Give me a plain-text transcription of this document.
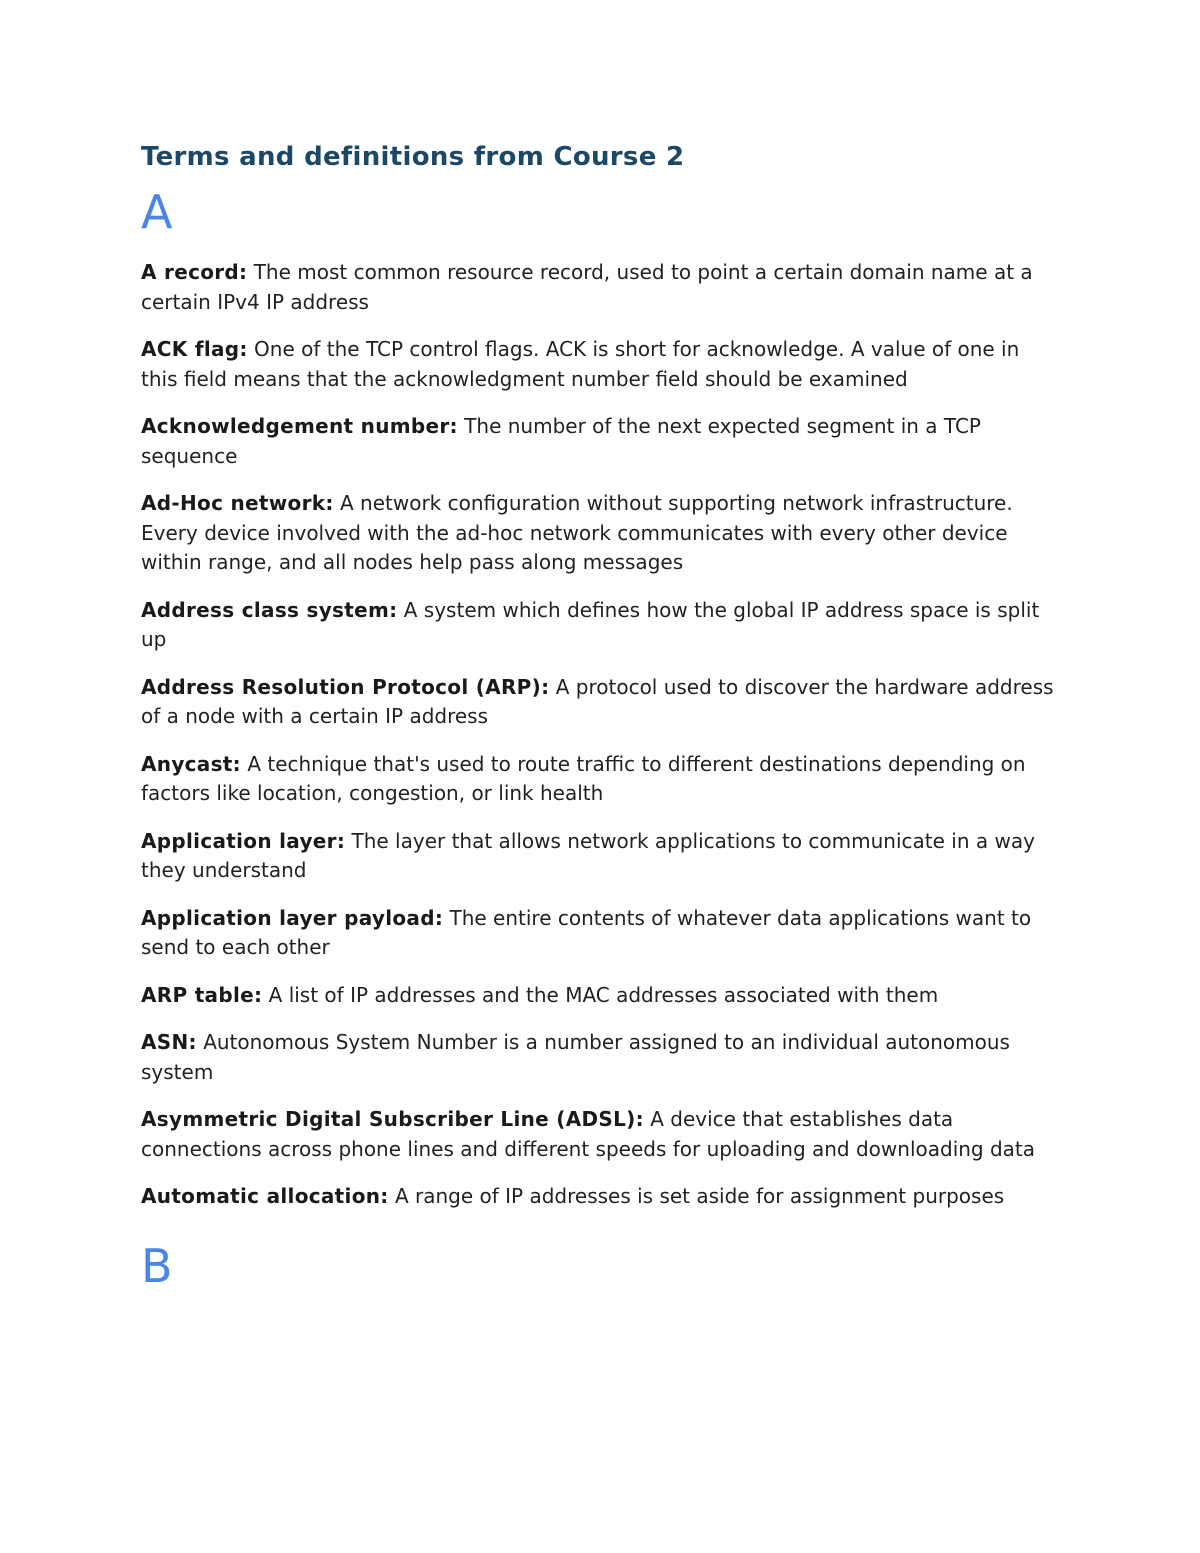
Terms and definitions from Course 2
A

A record: The most common resource record, used to point a certain domain name at a certain IPv4 IP address

ACK flag: One of the TCP control flags. ACK is short for acknowledge. A value of one in this field means that the acknowledgment number field should be examined

Acknowledgement number: The number of the next expected segment in a TCP sequence

Ad-Hoc network: A network configuration without supporting network infrastructure. Every device involved with the ad-hoc network communicates with every other device within range, and all nodes help pass along messages

Address class system: A system which defines how the global IP address space is split up

Address Resolution Protocol (ARP): A protocol used to discover the hardware address of a node with a certain IP address

Anycast: A technique that's used to route traffic to different destinations depending on factors like location, congestion, or link health

Application layer: The layer that allows network applications to communicate in a way they understand

Application layer payload: The entire contents of whatever data applications want to send to each other

ARP table: A list of IP addresses and the MAC addresses associated with them

ASN: Autonomous System Number is a number assigned to an individual autonomous system

Asymmetric Digital Subscriber Line (ADSL): A device that establishes data connections across phone lines and different speeds for uploading and downloading data

Automatic allocation: A range of IP addresses is set aside for assignment purposes

B
